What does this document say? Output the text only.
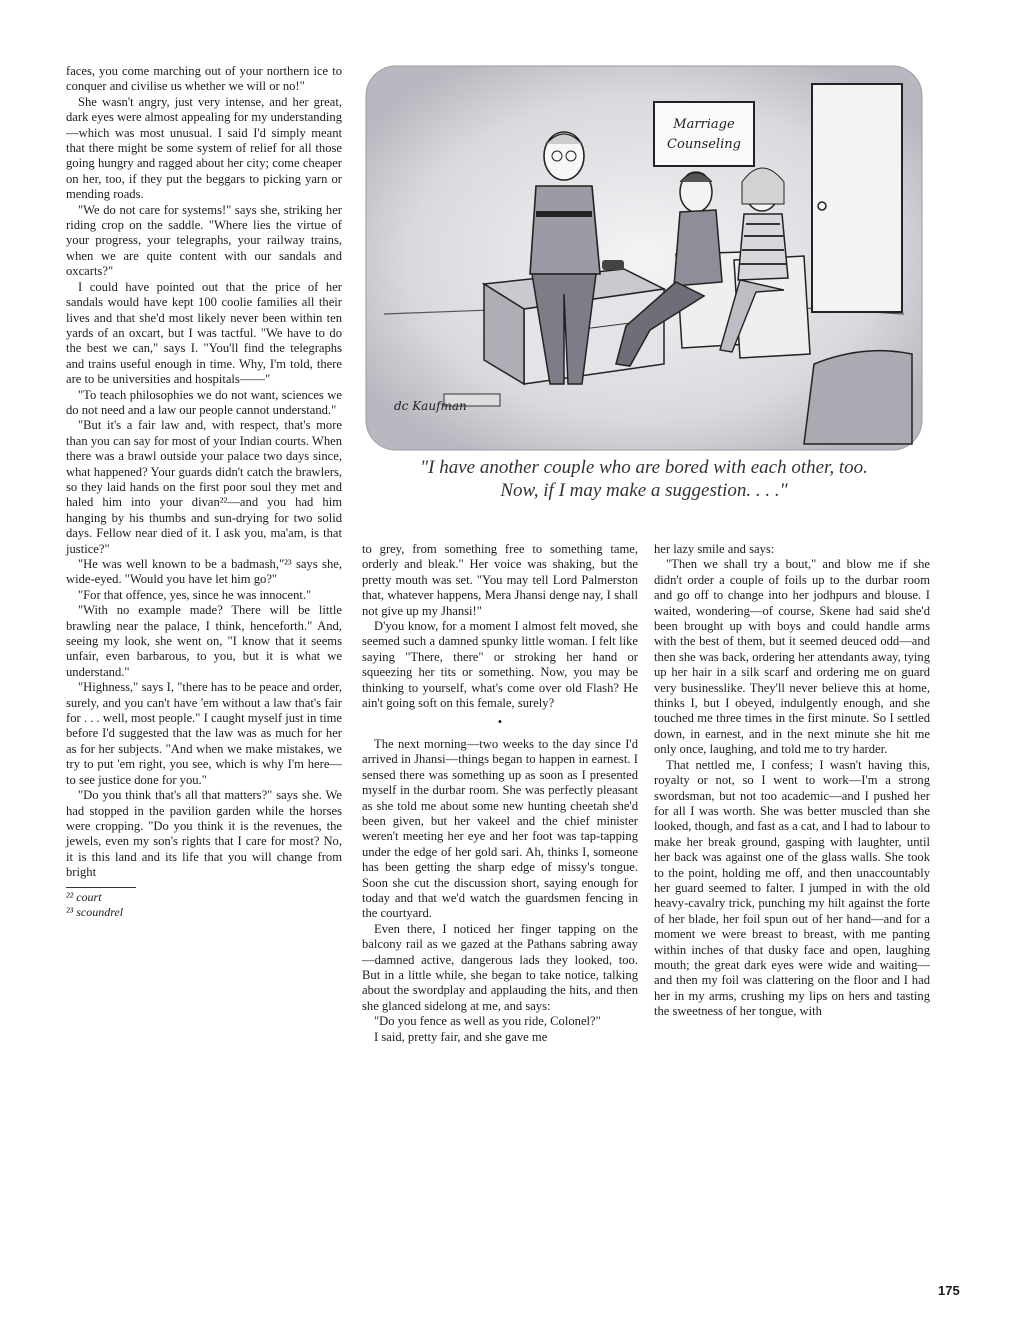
faces, you come marching out of your northern ice to conquer and civilise us whether we will or no!"

She wasn't angry, just very intense, and her great, dark eyes were almost appealing for my understanding—which was most unusual. I said I'd simply meant that there might be some system of relief for all those going hungry and ragged about her city; come cheaper on her, too, if they put the beggars to picking yarn or mending roads.

"We do not care for systems!" says she, striking her riding crop on the saddle. "Where lies the virtue of your progress, your telegraphs, your railway trains, when we are quite content with our sandals and oxcarts?"

I could have pointed out that the price of her sandals would have kept 100 coolie families all their lives and that she'd most likely never been within ten yards of an oxcart, but I was tactful. "We have to do the best we can," says I. "You'll find the telegraphs and trains useful enough in time. Why, I'm told, there are to be universities and hospitals——"

"To teach philosophies we do not want, sciences we do not need and a law our people cannot understand."

"But it's a fair law and, with respect, that's more than you can say for most of your Indian courts. When there was a brawl outside your palace two days since, what happened? Your guards didn't catch the brawlers, so they laid hands on the first poor soul they met and haled him into your divan²²—and you had him hanging by his thumbs and sun-drying for two solid days. Fellow near died of it. I ask you, ma'am, is that justice?"

"He was well known to be a badmash,"²³ says she, wide-eyed. "Would you have let him go?"

"For that offence, yes, since he was innocent."

"With no example made? There will be little brawling near the palace, I think, henceforth." And, seeing my look, she went on, "I know that it seems unfair, even barbarous, to you, but it is what we understand."

"Highness," says I, "there has to be peace and order, surely, and you can't have 'em without a law that's fair for . . . well, most people." I caught myself just in time before I'd suggested that the law was as much for her as for her subjects. "And when we make mistakes, we try to put 'em right, you see, which is why I'm here—to see justice done for you."

"Do you think that's all that matters?" says she. We had stopped in the pavilion garden while the horses were cropping. "Do you think it is the revenues, the jewels, even my son's rights that I care for most? No, it is this land and its life that you will change from bright

²² court
²³ scoundrel
Marriage
Counseling
dc Kaufman
"I have another couple who are bored with each other, too.
Now, if I may make a suggestion. . . ."

to grey, from something free to something tame, orderly and bleak." Her voice was shaking, but the pretty mouth was set. "You may tell Lord Palmerston that, whatever happens, Mera Jhansi denge nay, I shall not give up my Jhansi!"

D'you know, for a moment I almost felt moved, she seemed such a damned spunky little woman. I felt like saying "There, there" or stroking her hand or squeezing her tits or something. Now, you may be thinking to yourself, what's come over old Flash? He ain't going soft on this female, surely?

•

The next morning—two weeks to the day since I'd arrived in Jhansi—things began to happen in earnest. I sensed there was something up as soon as I presented myself in the durbar room. She was perfectly pleasant as she told me about some new hunting cheetah she'd been given, but her vakeel and the chief minister weren't meeting her eye and her foot was tap-tapping under the edge of her gold sari. Ah, thinks I, someone has been getting the sharp edge of missy's tongue. Soon she cut the discussion short, saying enough for today and that we'd watch the guardsmen fencing in the courtyard.

Even there, I noticed her finger tapping on the balcony rail as we gazed at the Pathans sabring away—damned active, dangerous lads they looked, too. But in a little while, she began to take notice, talking about the swordplay and applauding the hits, and then she glanced sidelong at me, and says:

"Do you fence as well as you ride, Colonel?"

I said, pretty fair, and she gave me

her lazy smile and says:

"Then we shall try a bout," and blow me if she didn't order a couple of foils up to the durbar room and go off to change into her jodhpurs and blouse. I waited, wondering—of course, Skene had said she'd been brought up with boys and could handle arms with the best of them, but it seemed deuced odd—and then she was back, ordering her attendants away, tying up her hair in a silk scarf and ordering me on guard very businesslike. They'll never believe this at home, thinks I, but I obeyed, indulgently enough, and she touched me three times in the first minute. So I settled down, in earnest, and in the next minute she hit me only once, laughing, and told me to try harder.

That nettled me, I confess; I wasn't having this, royalty or not, so I went to work—I'm a strong swordsman, but not too academic—and I pushed her for all I was worth. She was better muscled than she looked, though, and fast as a cat, and I had to labour to make her break ground, gasping with laughter, until her back was against one of the glass walls. She took to the point, holding me off, and then unaccountably her guard seemed to falter. I jumped in with the old heavy-cavalry trick, punching my hilt against the forte of her blade, her foil spun out of her hand—and for a moment we were breast to breast, with me panting within inches of that dusky face and open, laughing mouth; the great dark eyes were wide and waiting—and then my foil was clattering on the floor and I had her in my arms, crushing my lips on hers and tasting the sweetness of her tongue, with

175
